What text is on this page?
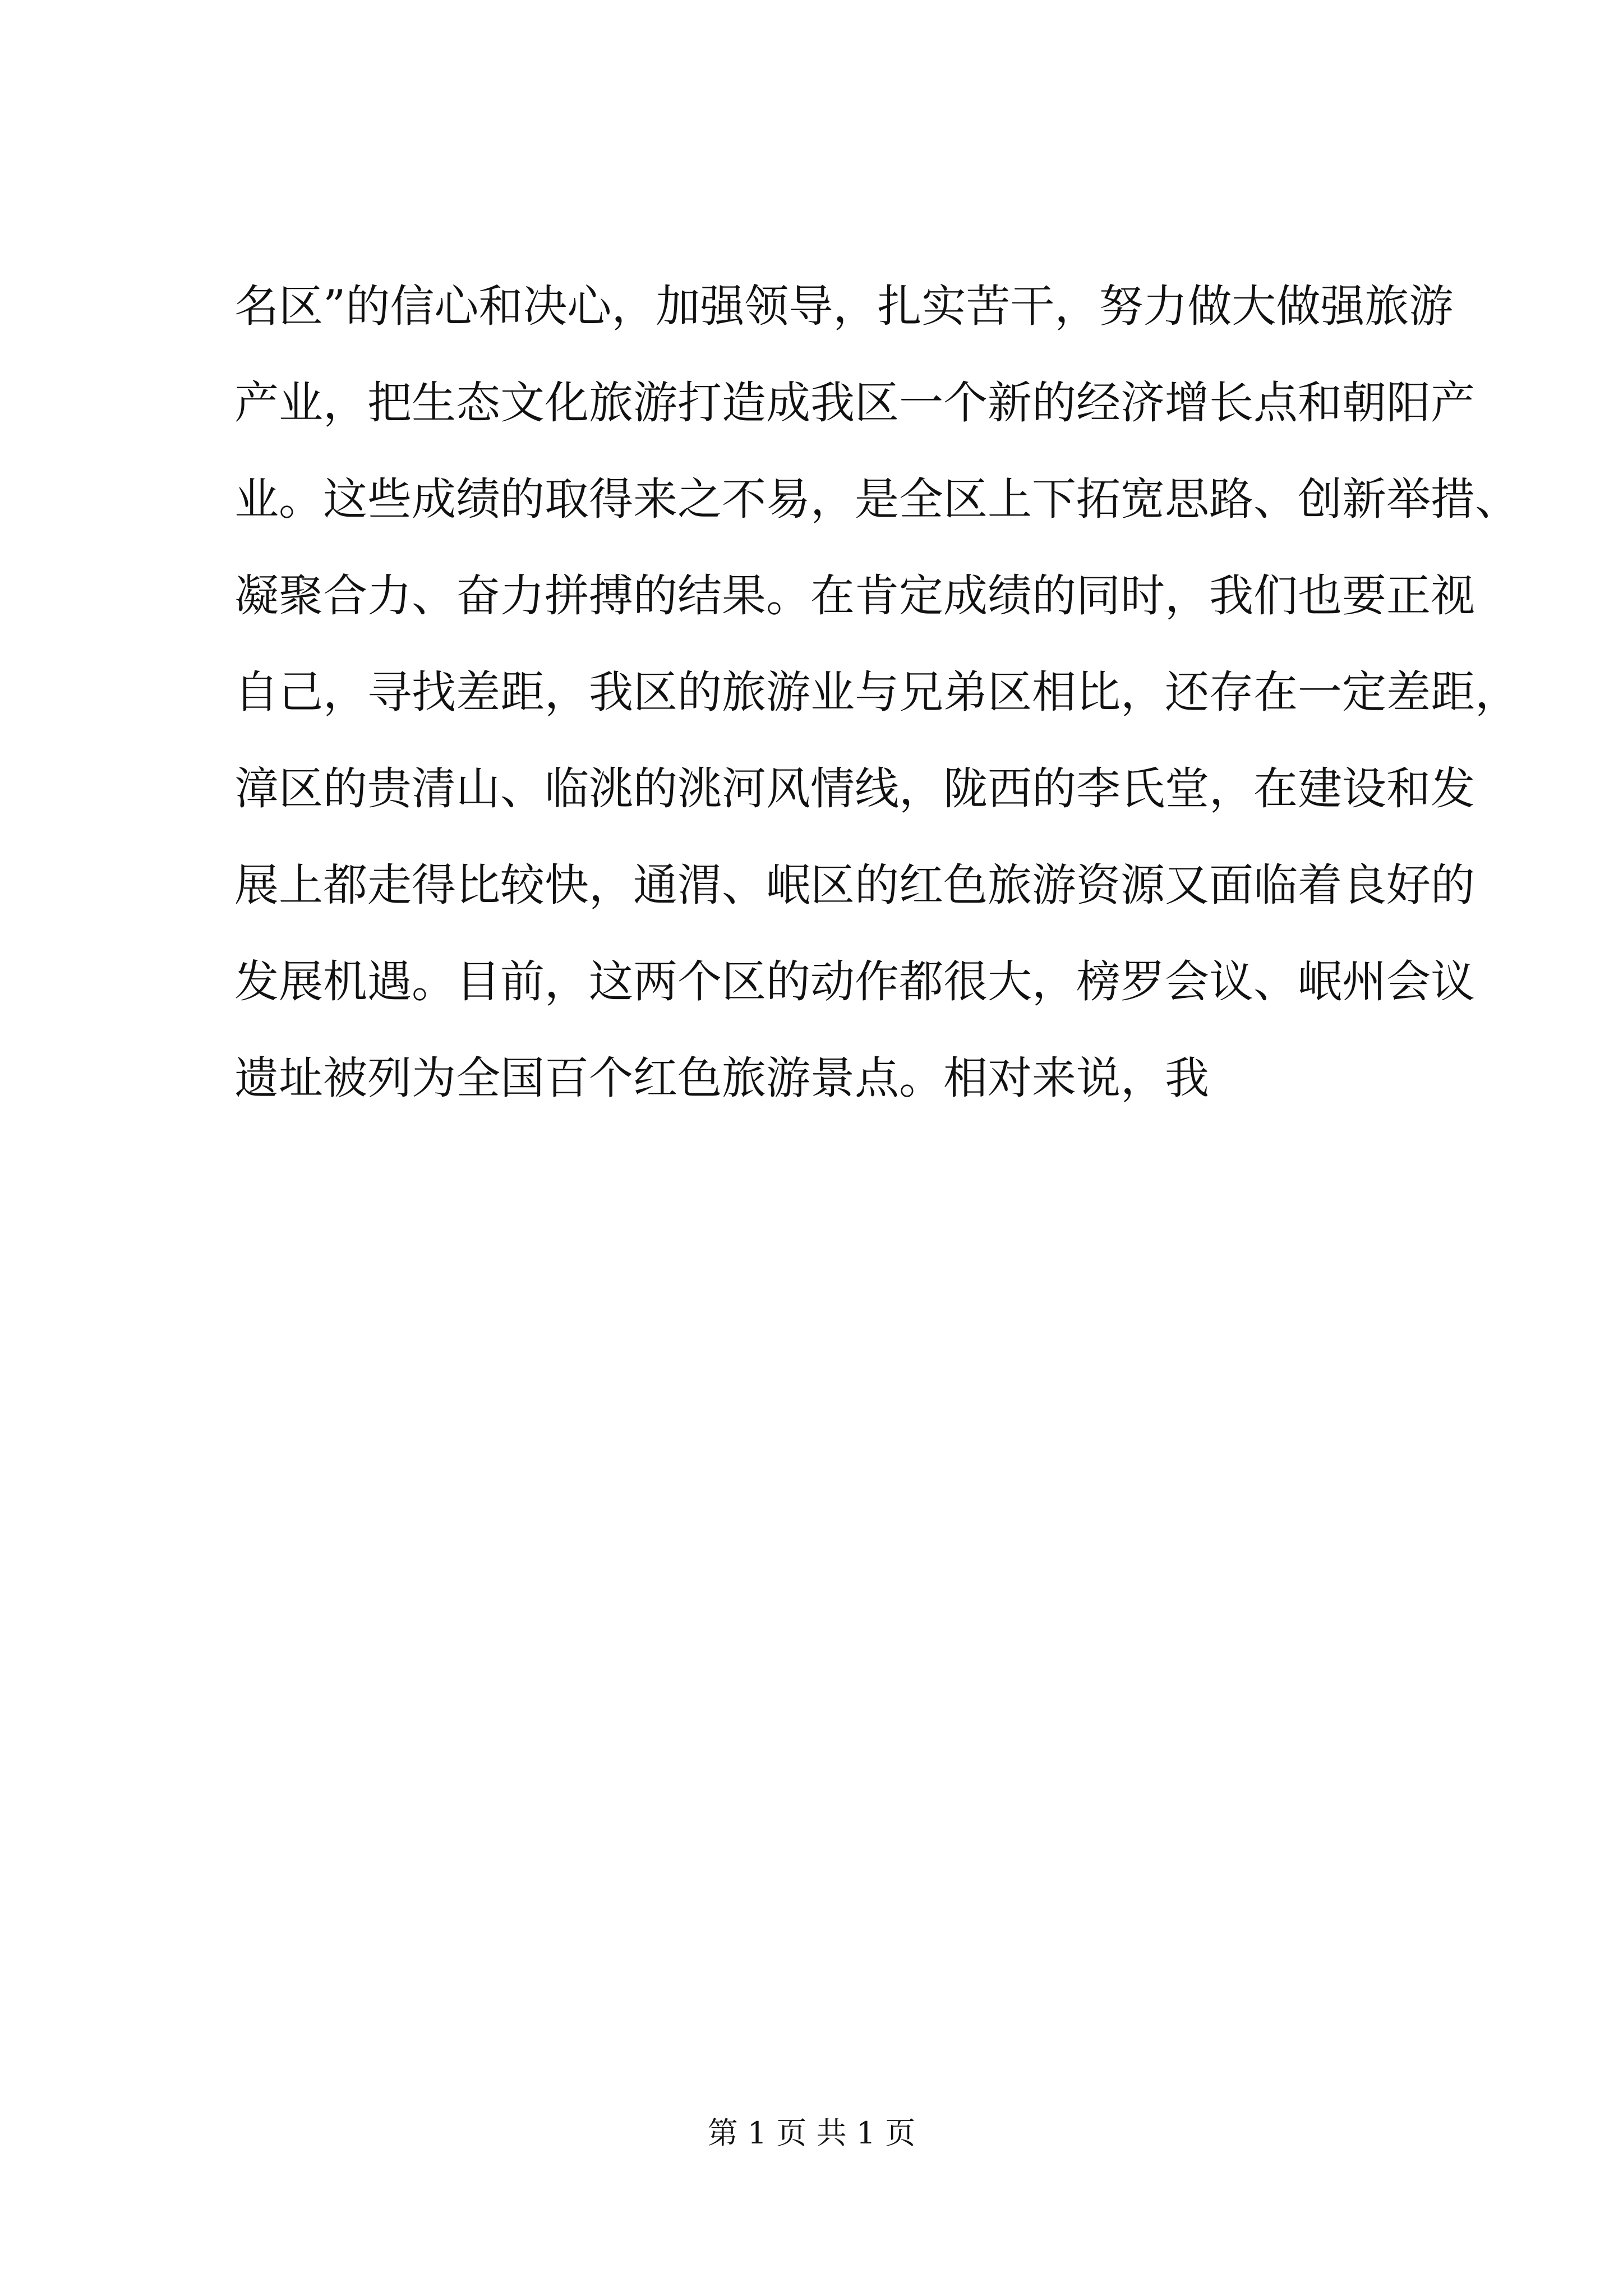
名区”的信心和决心，加强领导，扎实苦干，努力做大做强旅游
产业，把生态文化旅游打造成我区一个新的经济增长点和朝阳产
业。这些成绩的取得来之不易，是全区上下拓宽思路、创新举措、
凝聚合力、奋力拼搏的结果。在肯定成绩的同时，我们也要正视
自己，寻找差距，我区的旅游业与兄弟区相比，还存在一定差距，
漳区的贵清山、临洮的洮河风情线，陇西的李氏堂，在建设和发
展上都走得比较快，通渭、岷区的红色旅游资源又面临着良好的
发展机遇。目前，这两个区的动作都很大，榜罗会议、岷州会议
遗址被列为全国百个红色旅游景点。相对来说，我
第 1 页 共 1 页
